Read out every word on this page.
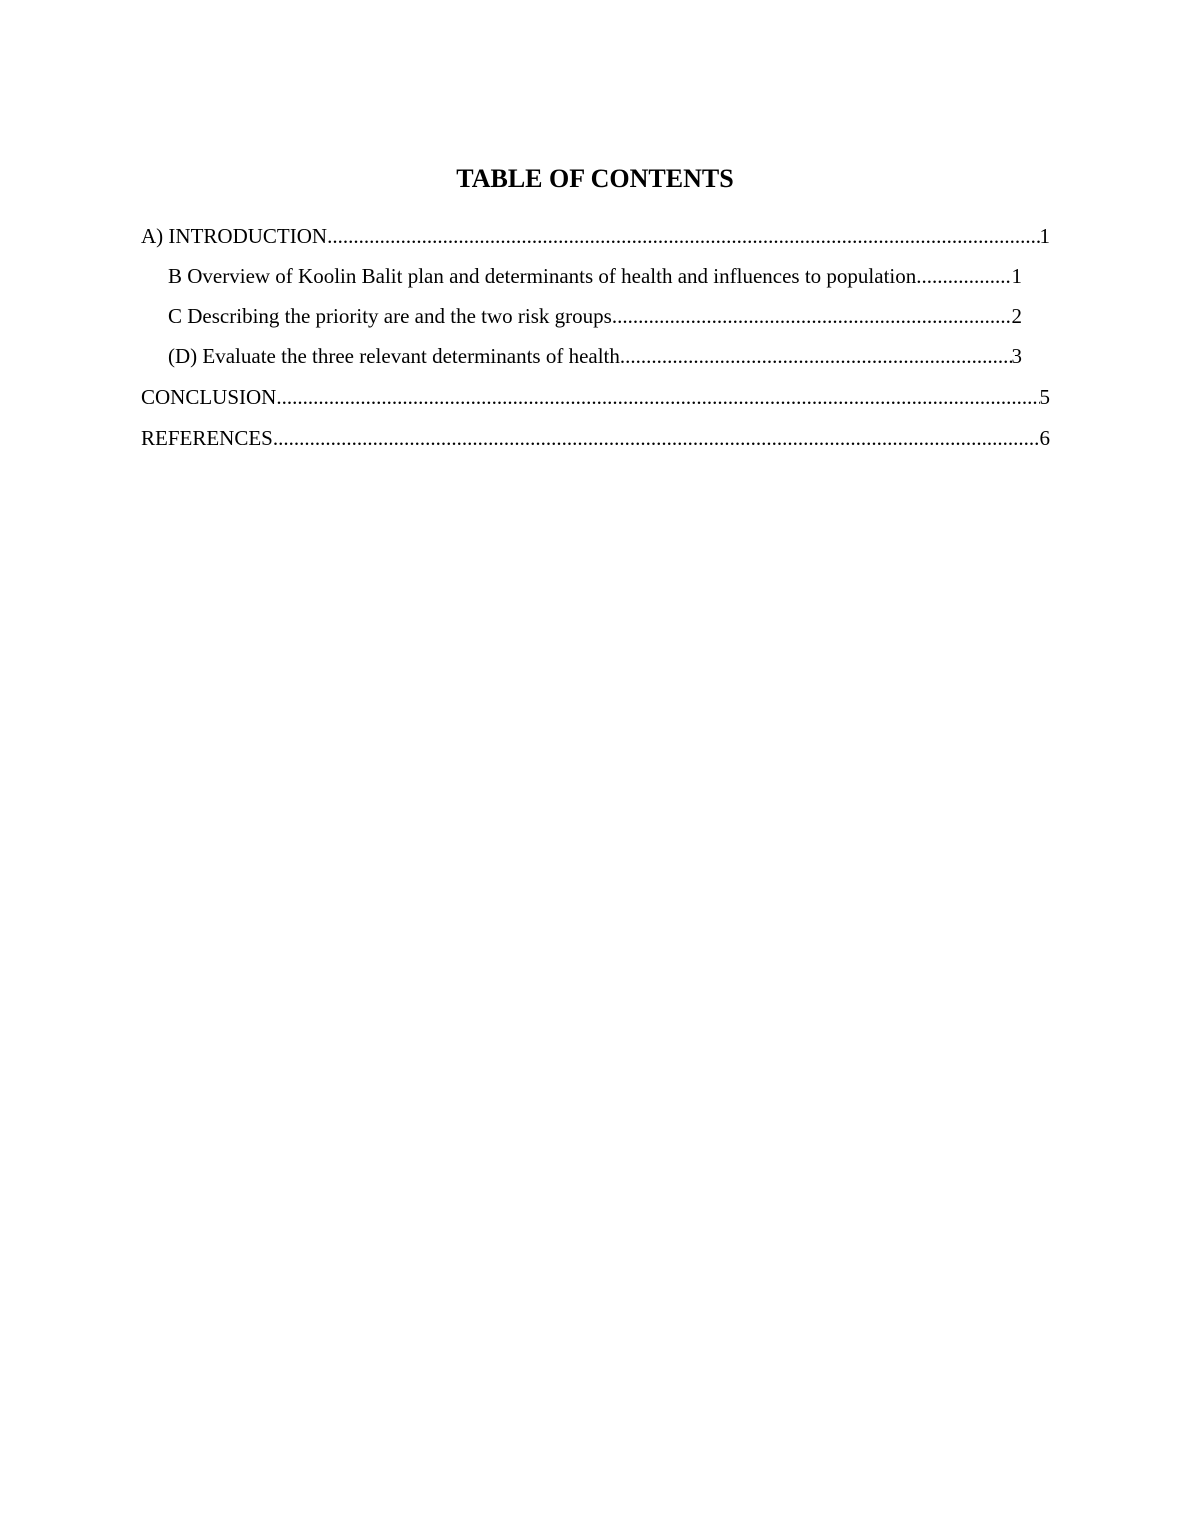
TABLE OF CONTENTS
A) INTRODUCTION .....	1
B Overview of Koolin Balit plan and determinants of health and influences to population. .....	1
C Describing the priority are and the two risk groups .....	2
(D) Evaluate the three relevant determinants of health .....	3
CONCLUSION .....	5
REFERENCES .....	6
